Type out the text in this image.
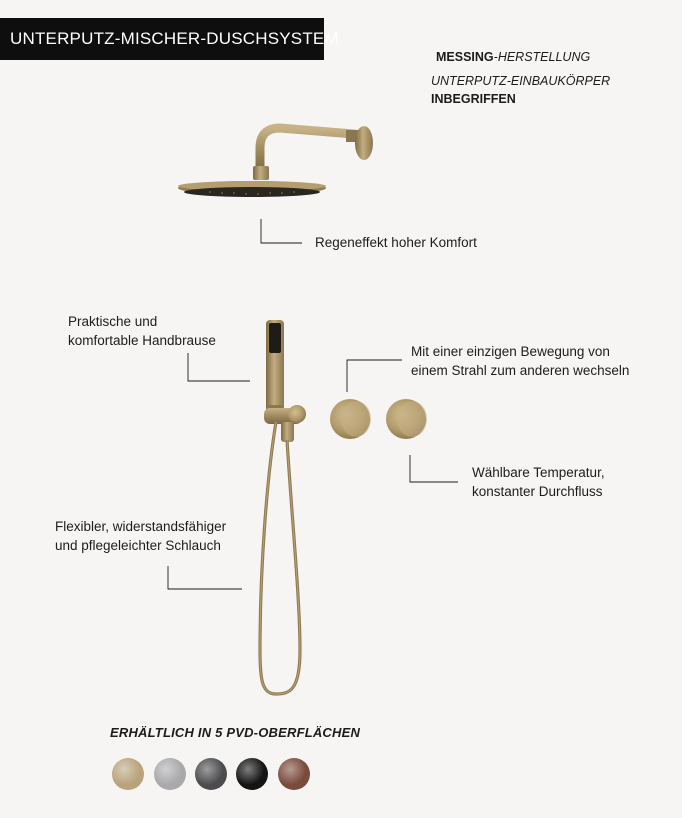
UNTERPUTZ-MISCHER-DUSCHSYSTEM
MESSING-HERSTELLUNG
UNTERPUTZ-EINBAUKÖRPER
INBEGRIFFEN
Regeneffekt hoher Komfort
Praktische und
komfortable Handbrause
Mit einer einzigen Bewegung von
einem Strahl zum anderen wechseln
Wählbare Temperatur,
konstanter Durchfluss
Flexibler, widerstandsfähiger
und pflegeleichter Schlauch
ERHÄLTLICH IN 5 PVD-OBERFLÄCHEN
